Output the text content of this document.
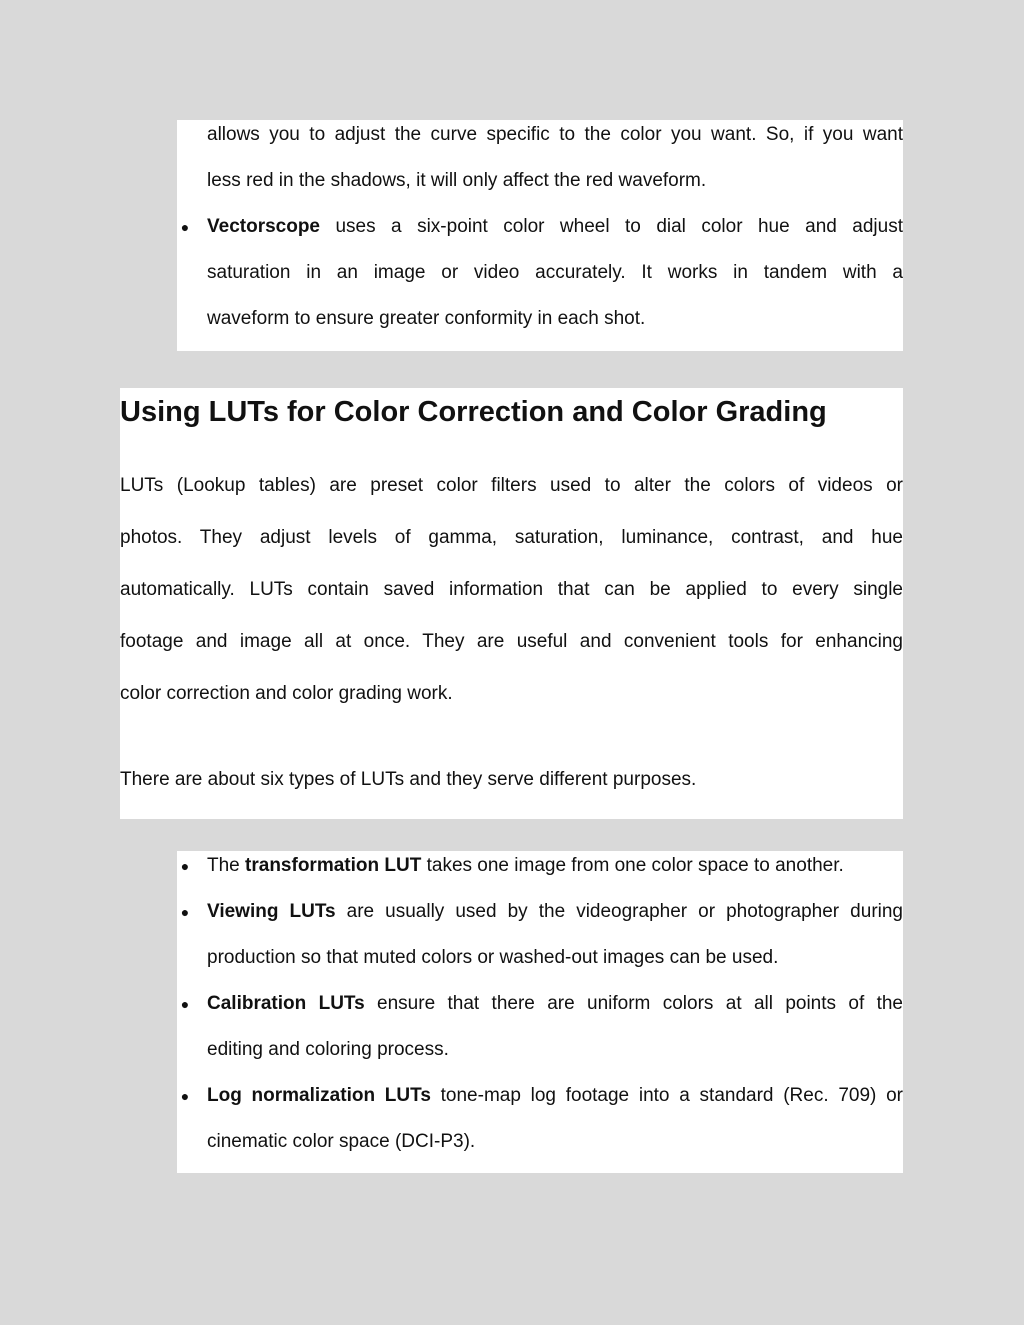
allows you to adjust the curve specific to the color you want. So, if you want
less red in the shadows, it will only affect the red waveform.
● Vectorscope uses a six-point color wheel to dial color hue and adjust
saturation in an image or video accurately. It works in tandem with a
waveform to ensure greater conformity in each shot.
Using LUTs for Color Correction and Color Grading
LUTs (Lookup tables) are preset color filters used to alter the colors of videos or
photos. They adjust levels of gamma, saturation, luminance, contrast, and hue
automatically. LUTs contain saved information that can be applied to every single
footage and image all at once. They are useful and convenient tools for enhancing
color correction and color grading work.
There are about six types of LUTs and they serve different purposes.
● The transformation LUT takes one image from one color space to another.
● Viewing LUTs are usually used by the videographer or photographer during
production so that muted colors or washed-out images can be used.
● Calibration LUTs ensure that there are uniform colors at all points of the
editing and coloring process.
● Log normalization LUTs tone-map log footage into a standard (Rec. 709) or
cinematic color space (DCI-P3).
